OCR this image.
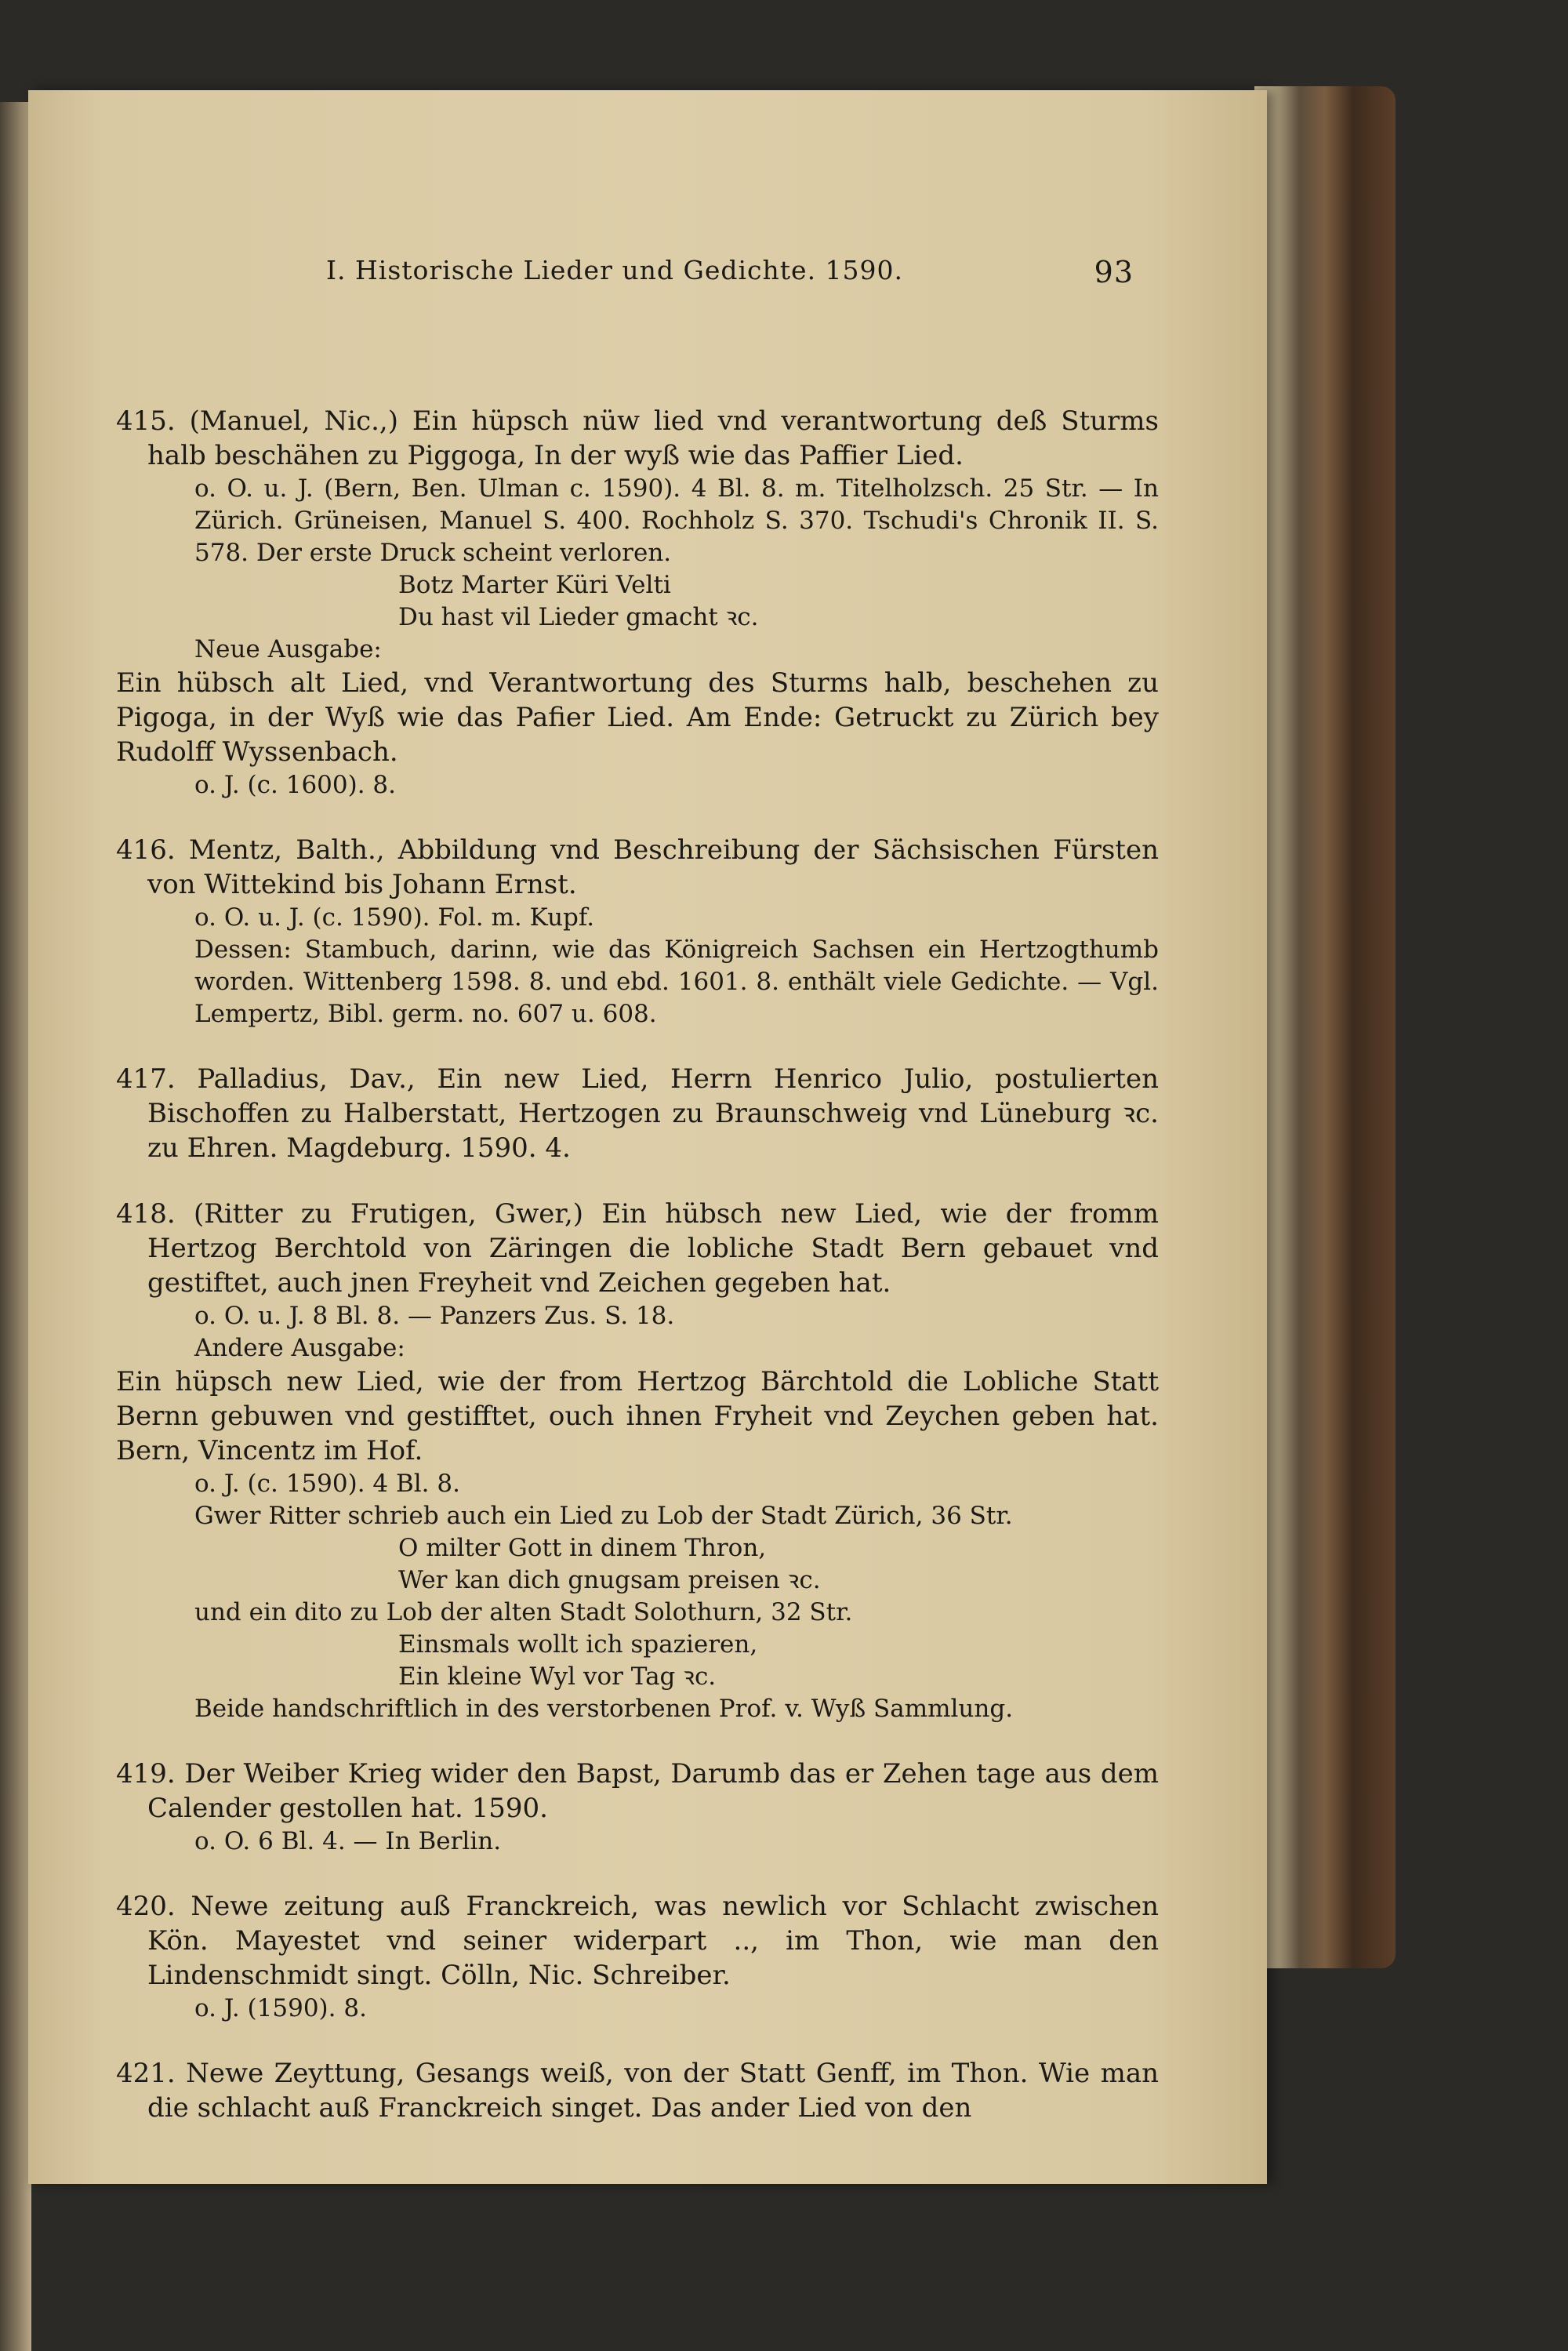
I. Historische Lieder und Gedichte. 1590.	93

415. (Manuel, Nic.,) Ein hüpsch nüw lied vnd verantwortung deß Sturms halb beschähen zu Piggoga, In der wyß wie das Paffier Lied.

o. O. u. J. (Bern, Ben. Ulman c. 1590). 4 Bl. 8. m. Titelholzsch. 25 Str. — In Zürich. Grüneisen, Manuel S. 400. Rochholz S. 370. Tschudi's Chronik II. S. 578. Der erste Druck scheint verloren.

Botz Marter Küri Velti

Du hast vil Lieder gmacht ꝛc.

Neue Ausgabe:

Ein hübsch alt Lied, vnd Verantwortung des Sturms halb, beschehen zu Pigoga, in der Wyß wie das Pafier Lied. Am Ende: Getruckt zu Zürich bey Rudolff Wyssenbach.

o. J. (c. 1600). 8.

416. Mentz, Balth., Abbildung vnd Beschreibung der Sächsischen Fürsten von Wittekind bis Johann Ernst.

o. O. u. J. (c. 1590). Fol. m. Kupf.

Dessen: Stambuch, darinn, wie das Königreich Sachsen ein Hertzogthumb worden. Wittenberg 1598. 8. und ebd. 1601. 8. enthält viele Gedichte. — Vgl. Lempertz, Bibl. germ. no. 607 u. 608.

417. Palladius, Dav., Ein new Lied, Herrn Henrico Julio, postulierten Bischoffen zu Halberstatt, Hertzogen zu Braunschweig vnd Lüneburg ꝛc. zu Ehren. Magdeburg. 1590. 4.

418. (Ritter zu Frutigen, Gwer,) Ein hübsch new Lied, wie der fromm Hertzog Berchtold von Zäringen die lobliche Stadt Bern gebauet vnd gestiftet, auch jnen Freyheit vnd Zeichen gegeben hat.

o. O. u. J. 8 Bl. 8. — Panzers Zus. S. 18.

Andere Ausgabe:

Ein hüpsch new Lied, wie der from Hertzog Bärchtold die Lobliche Statt Bernn gebuwen vnd gestifftet, ouch ihnen Fryheit vnd Zeychen geben hat. Bern, Vincentz im Hof.

o. J. (c. 1590). 4 Bl. 8.

Gwer Ritter schrieb auch ein Lied zu Lob der Stadt Zürich, 36 Str.

O milter Gott in dinem Thron,

Wer kan dich gnugsam preisen ꝛc.

und ein dito zu Lob der alten Stadt Solothurn, 32 Str.

Einsmals wollt ich spazieren,

Ein kleine Wyl vor Tag ꝛc.

Beide handschriftlich in des verstorbenen Prof. v. Wyß Sammlung.

419. Der Weiber Krieg wider den Bapst, Darumb das er Zehen tage aus dem Calender gestollen hat. 1590.

o. O. 6 Bl. 4. — In Berlin.

420. Newe zeitung auß Franckreich, was newlich vor Schlacht zwischen Kön. Mayestet vnd seiner widerpart .., im Thon, wie man den Lindenschmidt singt. Cölln, Nic. Schreiber.

o. J. (1590). 8.

421. Newe Zeyttung, Gesangs weiß, von der Statt Genff, im Thon. Wie man die schlacht auß Franckreich singet. Das ander Lied von den
